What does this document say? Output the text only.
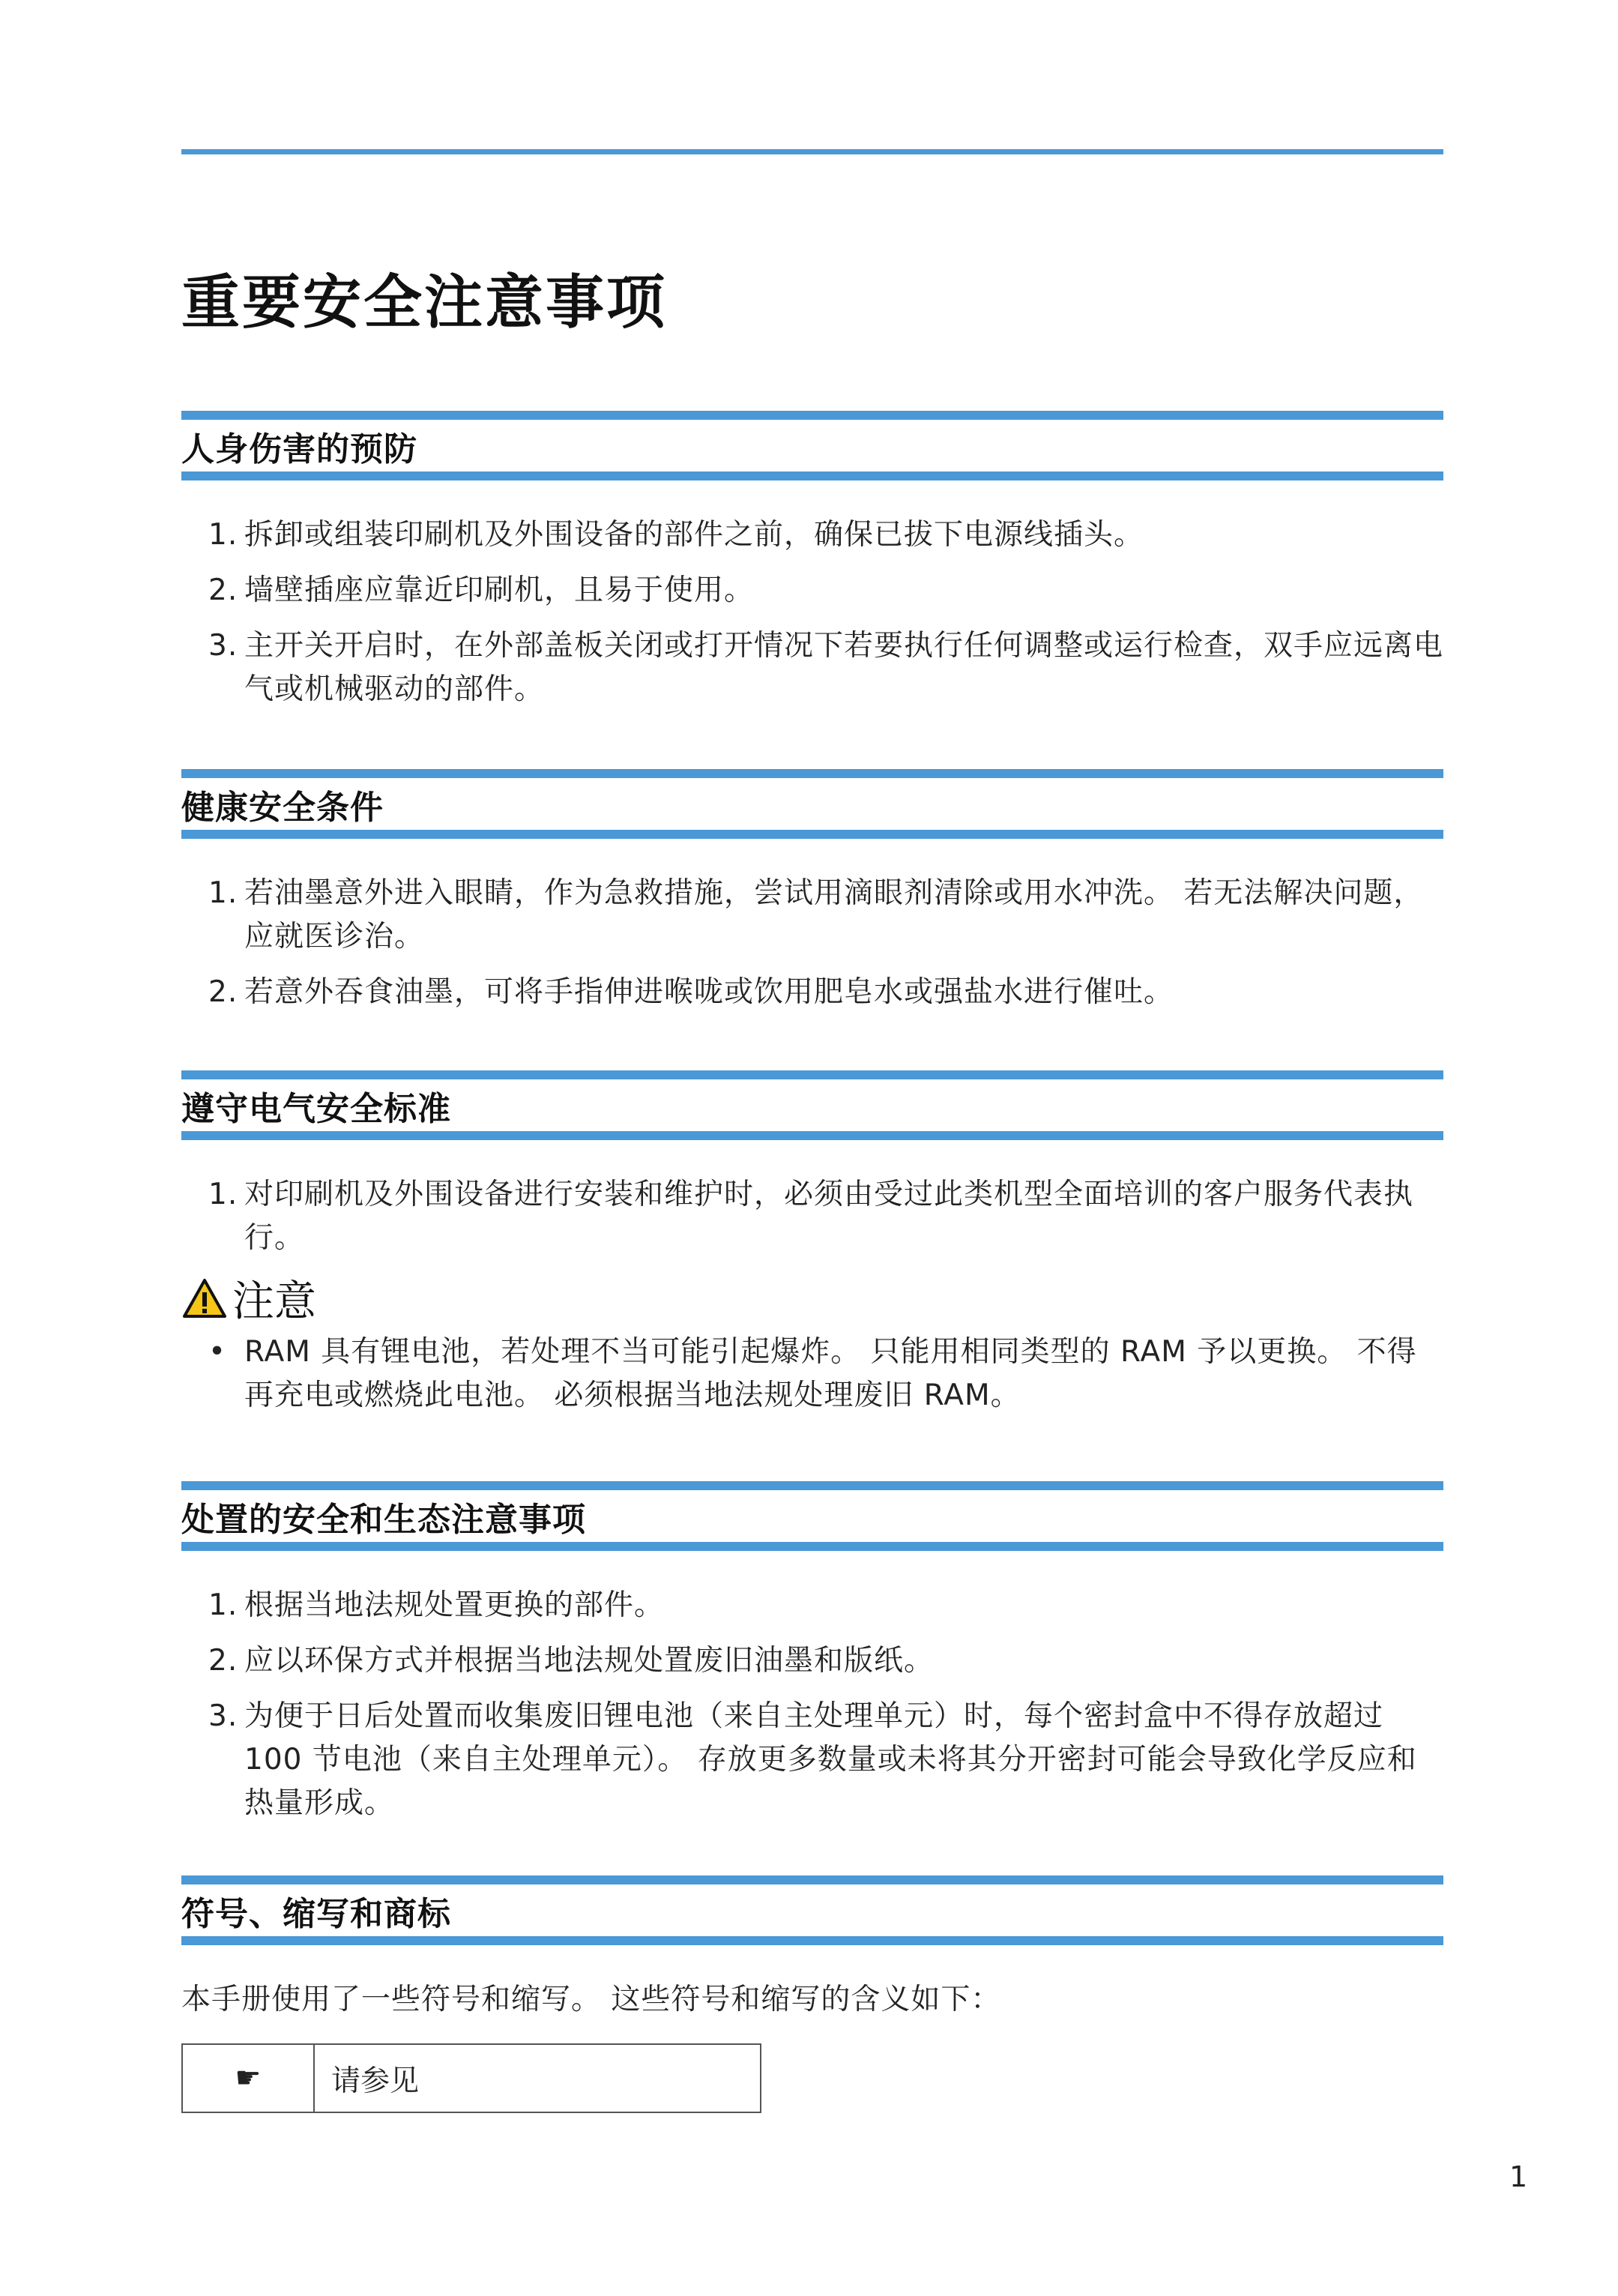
重要安全注意事项
人身伤害的预防
1. 拆卸或组装印刷机及外围设备的部件之前，确保已拔下电源线插头。
2. 墙壁插座应靠近印刷机，且易于使用。
3. 主开关开启时，在外部盖板关闭或打开情况下若要执行任何调整或运行检查，双手应远离电气或机械驱动的部件。
健康安全条件
1. 若油墨意外进入眼睛，作为急救措施，尝试用滴眼剂清除或用水冲洗。 若无法解决问题，应就医诊治。
2. 若意外吞食油墨，可将手指伸进喉咙或饮用肥皂水或强盐水进行催吐。
遵守电气安全标准
1. 对印刷机及外围设备进行安装和维护时，必须由受过此类机型全面培训的客户服务代表执行。
注意
• RAM 具有锂电池，若处理不当可能引起爆炸。 只能用相同类型的 RAM 予以更换。 不得再充电或燃烧此电池。 必须根据当地法规处理废旧 RAM。
处置的安全和生态注意事项
1. 根据当地法规处置更换的部件。
2. 应以环保方式并根据当地法规处置废旧油墨和版纸。
3. 为便于日后处置而收集废旧锂电池（来自主处理单元）时，每个密封盒中不得存放超过 100 节电池（来自主处理单元）。 存放更多数量或未将其分开密封可能会导致化学反应和热量形成。
符号、缩写和商标

本手册使用了一些符号和缩写。 这些符号和缩写的含义如下：

☛	请参见
1
